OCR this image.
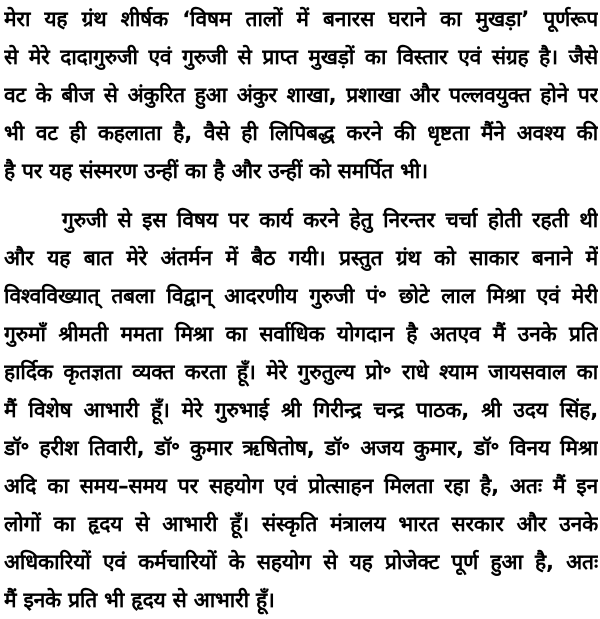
मेरा यह ग्रंथ शीर्षक ‘विषम तालों में बनारस घराने का मुखड़ा’ पूर्णरूप
से मेरे दादागुरुजी एवं गुरुजी से प्राप्त मुखड़ों का विस्तार एवं संग्रह है। जैसे
वट के बीज से अंकुरित हुआ अंकुर शाखा, प्रशाखा और पल्लवयुक्त होने पर
भी वट ही कहलाता है, वैसे ही लिपिबद्ध करने की धृष्टता मैंने अवश्य की
है पर यह संस्मरण उन्हीं का है और उन्हीं को समर्पित भी।

गुरुजी से इस विषय पर कार्य करने हेतु निरन्तर चर्चा होती रहती थी
और यह बात मेरे अंतर्मन में बैठ गयी। प्रस्तुत ग्रंथ को साकार बनाने में
विश्वविख्यात् तबला विद्वान् आदरणीय गुरुजी पं॰ छोटे लाल मिश्रा एवं मेरी
गुरुमाँ श्रीमती ममता मिश्रा का सर्वाधिक योगदान है अतएव मैं उनके प्रति
हार्दिक कृतज्ञता व्यक्त करता हूँ। मेरे गुरुतुल्य प्रो॰ राधे श्याम जायसवाल का
मैं विशेष आभारी हूँ। मेरे गुरुभाई श्री गिरीन्द्र चन्द्र पाठक, श्री उदय सिंह,
डॉ॰ हरीश तिवारी, डॉ॰ कुमार ऋषितोष, डॉ॰ अजय कुमार, डॉ॰ विनय मिश्रा
अदि का समय–समय पर सहयोग एवं प्रोत्साहन मिलता रहा है, अतः मैं इन
लोगों का हृदय से आभारी हूँ। संस्कृति मंत्रालय भारत सरकार और उनके
अधिकारियों एवं कर्मचारियों के सहयोग से यह प्रोजेक्ट पूर्ण हुआ है, अतः
मैं इनके प्रति भी हृदय से आभारी हूँ।
